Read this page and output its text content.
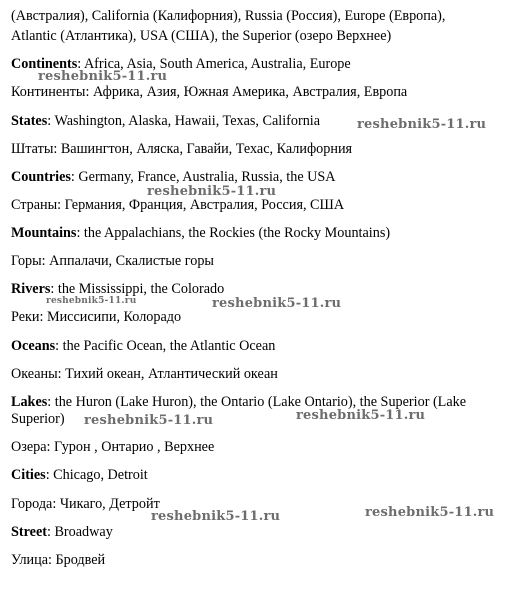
(Австралия), California (Калифорния), Russia (Россия), Europe (Европа),
Atlantic (Атлантика), USA (США), the Superior (озеро Верхнее)
Continents: Africa, Asia, South America, Australia, Europe
Континенты: Африка, Азия, Южная Америка, Австралия, Европа
States: Washington, Alaska, Hawaii, Texas, California
Штаты: Вашингтон, Аляска, Гавайи, Техас, Калифорния
Countries: Germany, France, Australia, Russia, the USA
Страны: Германия, Франция, Австралия, Россия, США
Mountains: the Appalachians, the Rockies (the Rocky Mountains)
Горы: Аппалачи, Скалистые горы
Rivers: the Mississippi, the Colorado
Реки: Миссисипи, Колорадо
Oceans: the Pacific Ocean, the Atlantic Ocean
Океаны: Тихий океан, Атлантический океан
Lakes: the Huron (Lake Huron), the Ontario (Lake Ontario), the Superior (Lake
Superior)
Озера: Гурон , Онтарио , Верхнее
Cities: Chicago, Detroit
Города: Чикаго, Детройт
Street: Broadway
Улица: Бродвей
reshebnik5-11.ru
reshebnik5-11.ru
reshebnik5-11.ru
reshebnik5-11.ru	reshebnik5-11.ru
reshebnik5-11.ru
reshebnik5-11.ru
reshebnik5-11.ru
reshebnik5-11.ru
